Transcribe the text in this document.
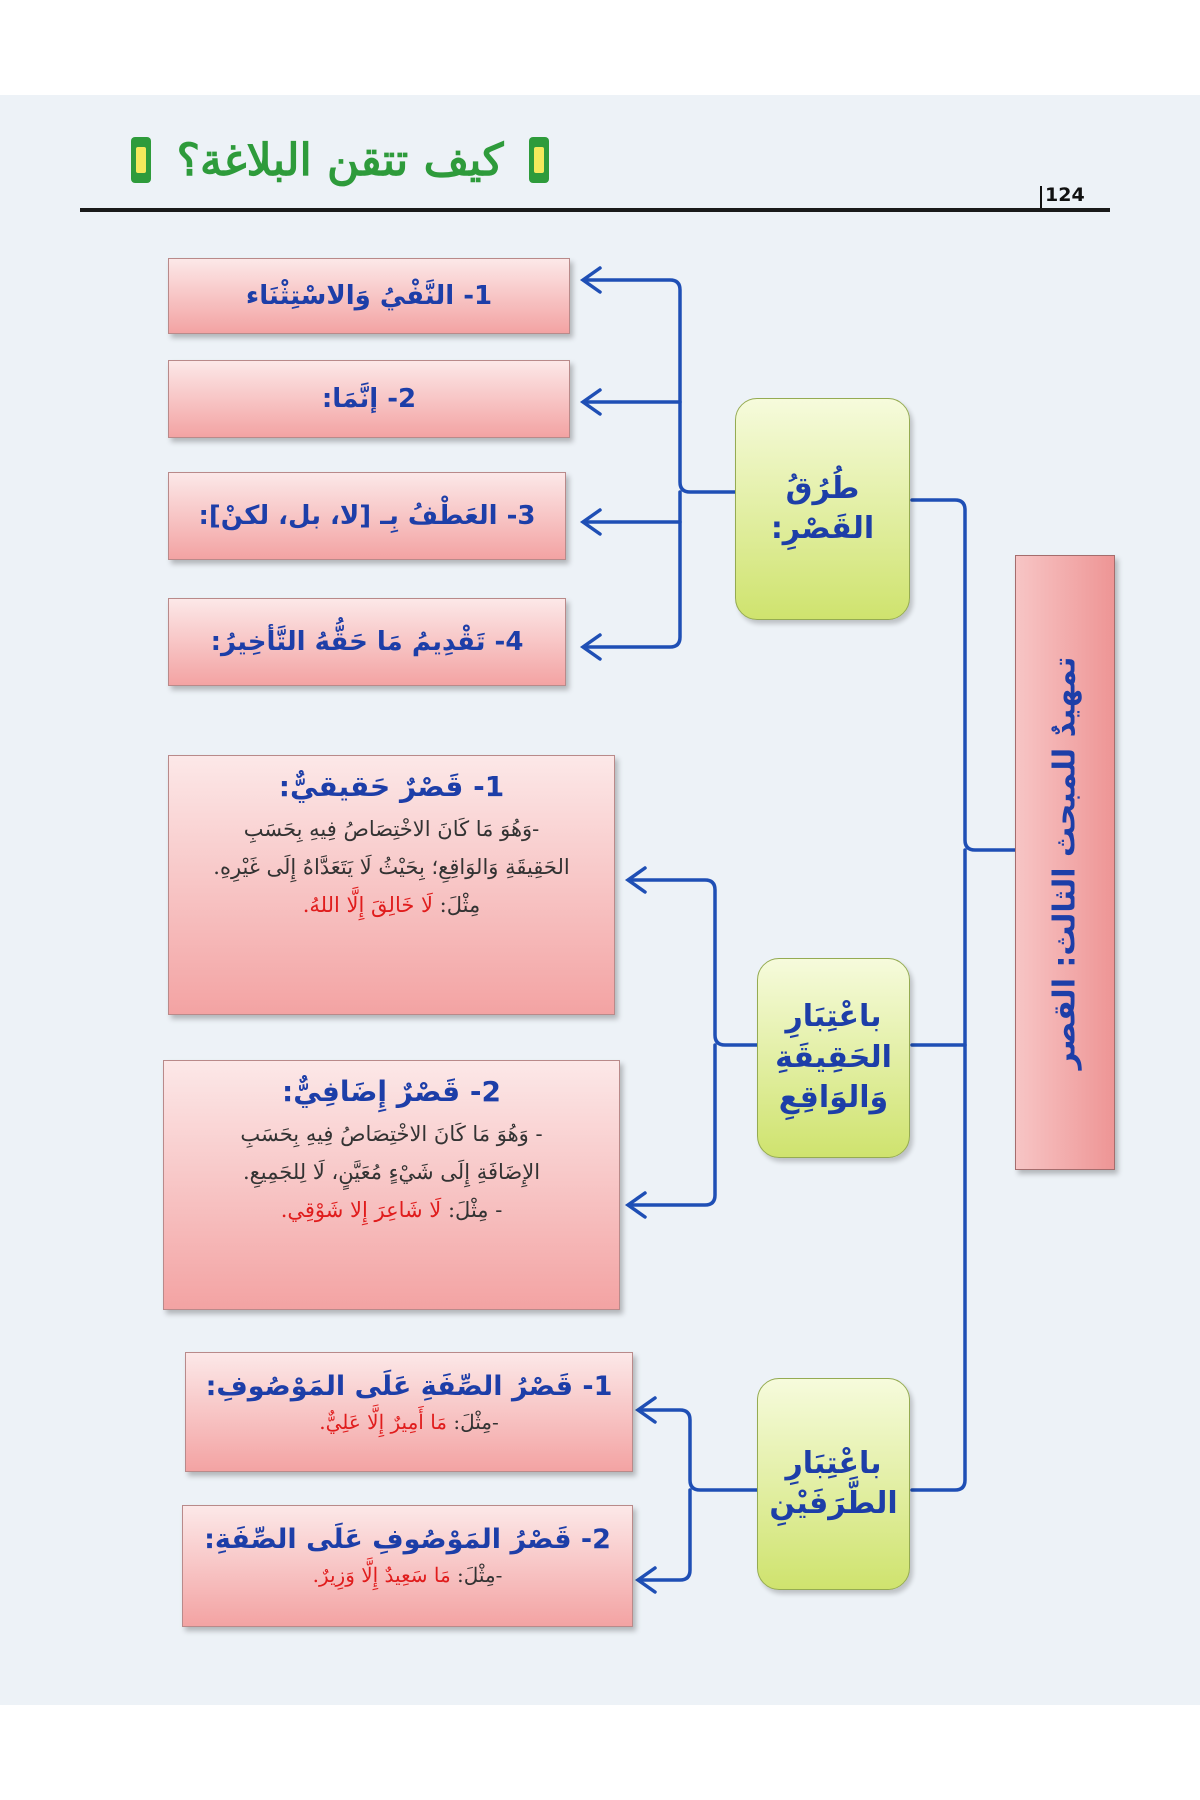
كيف تتقن البلاغة؟
124
تمهيدٌ للمبحث الثالث: القصر
طُرُقُ القَصْرِ:
باعْتِبَارِ الحَقِيقَةِ وَالوَاقِعِ
باعْتِبَارِ الطَّرَفَيْنِ
1- النَّفْيُ وَالاسْتِثْنَاء
2- إنَّمَا:
3- العَطْفُ بِـ [لا، بل، لكنْ]:
4- تَقْدِيمُ مَا حَقُّهُ التَّأخِيرُ:
1- قَصْرٌ حَقيقيٌّ:
-وَهُوَ مَا كَانَ الاخْتِصَاصُ فِيهِ بِحَسَبِ
الحَقِيقَةِ وَالوَاقِعِ؛ بِحَيْثُ لَا يَتَعَدَّاهُ إِلَى غَيْرِهِ.
مِثْلَ: لَا خَالِقَ إِلَّا اللهُ.
2- قَصْرٌ إِضَافِيٌّ:
- وَهُوَ مَا كَانَ الاخْتِصَاصُ فِيهِ بِحَسَبِ
الإِضَافَةِ إِلَى شَيْءٍ مُعَيَّنٍ، لَا لِلجَمِيعِ.
- مِثْلَ: لَا شَاعِرَ إِلا شَوْقِي.
1- قَصْرُ الصِّفَةِ عَلَى المَوْصُوفِ:
-مِثْلَ: مَا أَمِيرٌ إِلَّا عَلِيٌّ.
2- قَصْرُ المَوْصُوفِ عَلَى الصِّفَةِ:
-مِثْلَ: مَا سَعِيدٌ إِلَّا وَزِيرٌ.
